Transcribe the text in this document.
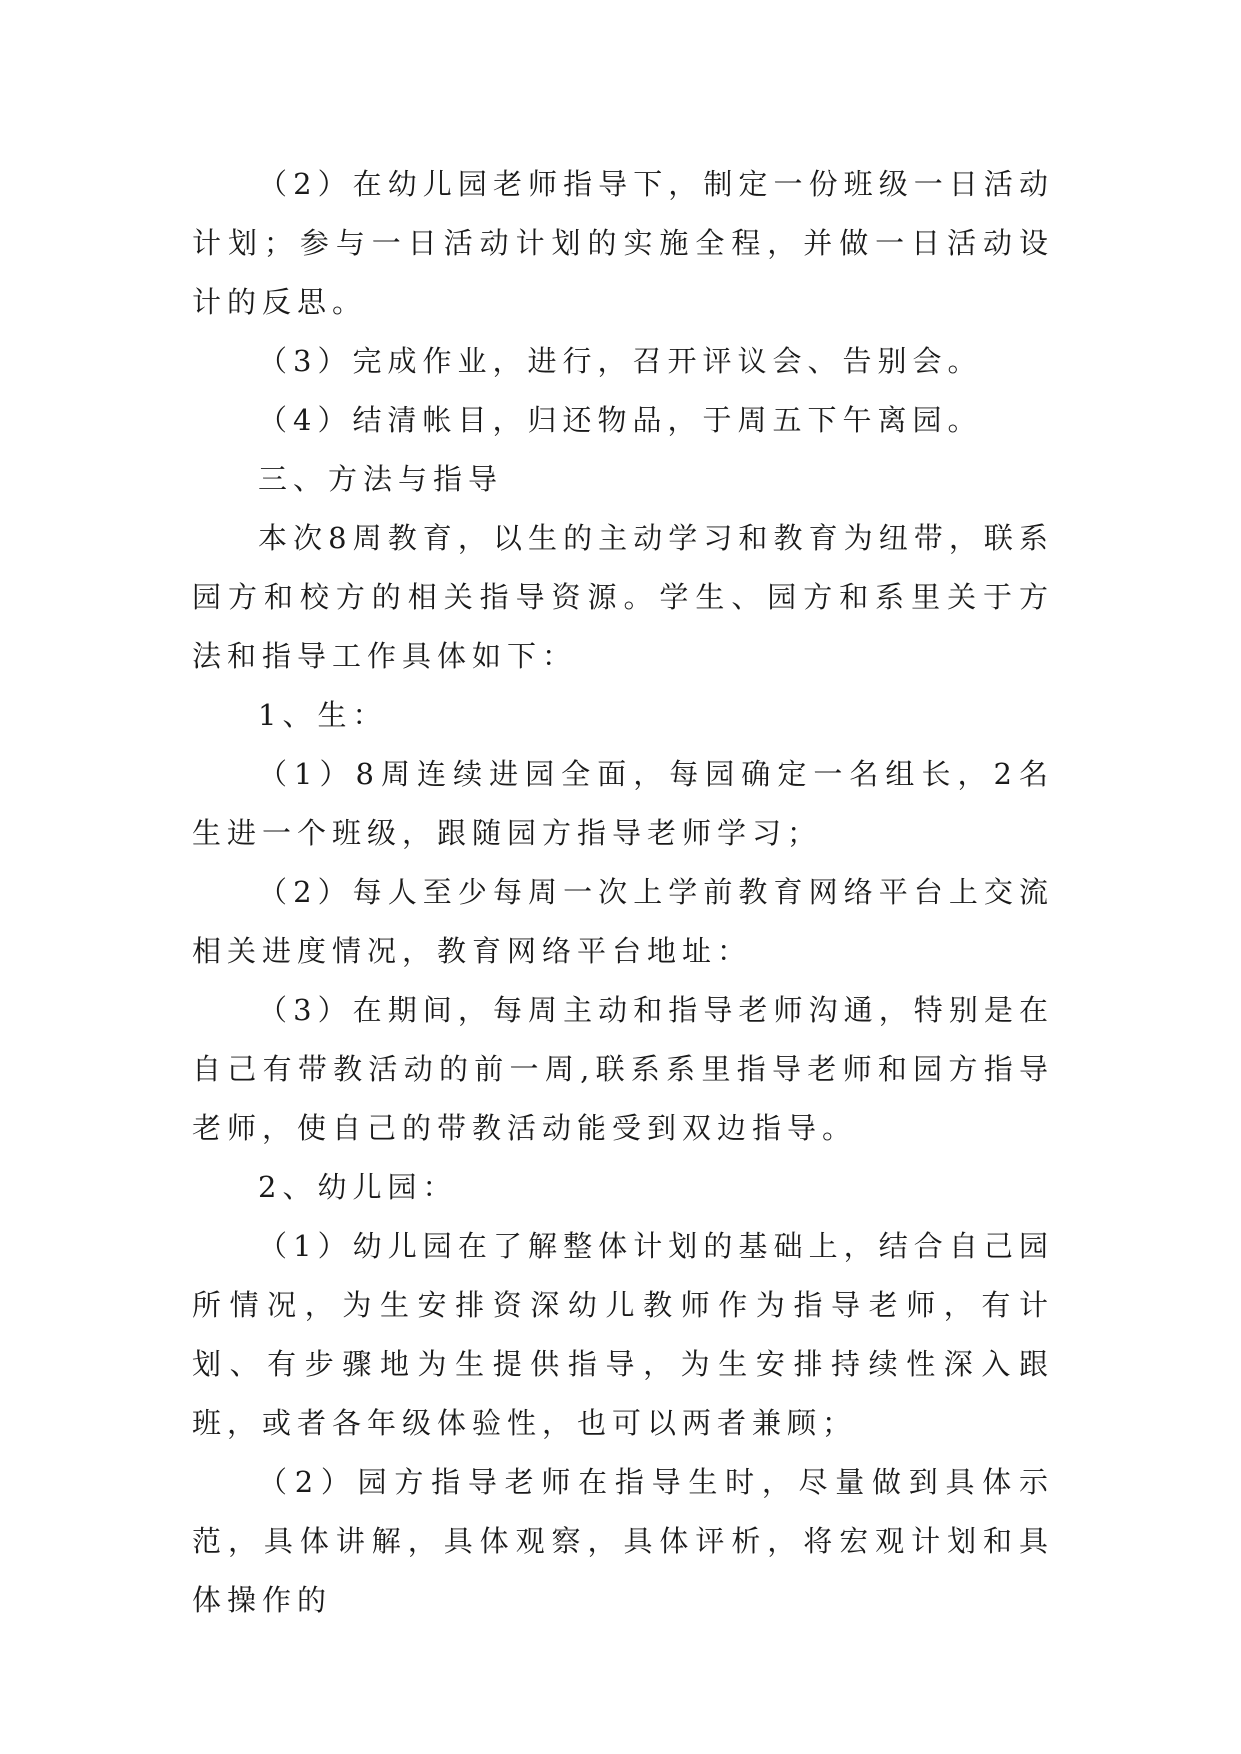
（2）在幼儿园老师指导下，制定一份班级一日活动计划；参与一日活动计划的实施全程，并做一日活动设计的反思。

（3）完成作业，进行，召开评议会、告别会。

（4）结清帐目，归还物品，于周五下午离园。

三、方法与指导

本次8周教育，以生的主动学习和教育为纽带，联系园方和校方的相关指导资源。学生、园方和系里关于方法和指导工作具体如下：

1、生：

（1）8周连续进园全面，每园确定一名组长，2名生进一个班级，跟随园方指导老师学习；

（2）每人至少每周一次上学前教育网络平台上交流相关进度情况，教育网络平台地址：

（3）在期间，每周主动和指导老师沟通，特别是在自己有带教活动的前一周,联系系里指导老师和园方指导老师，使自己的带教活动能受到双边指导。

2、幼儿园：

（1）幼儿园在了解整体计划的基础上，结合自己园所情况，为生安排资深幼儿教师作为指导老师，有计划、有步骤地为生提供指导，为生安排持续性深入跟班，或者各年级体验性，也可以两者兼顾；

（2）园方指导老师在指导生时，尽量做到具体示范，具体讲解，具体观察，具体评析，将宏观计划和具体操作的
